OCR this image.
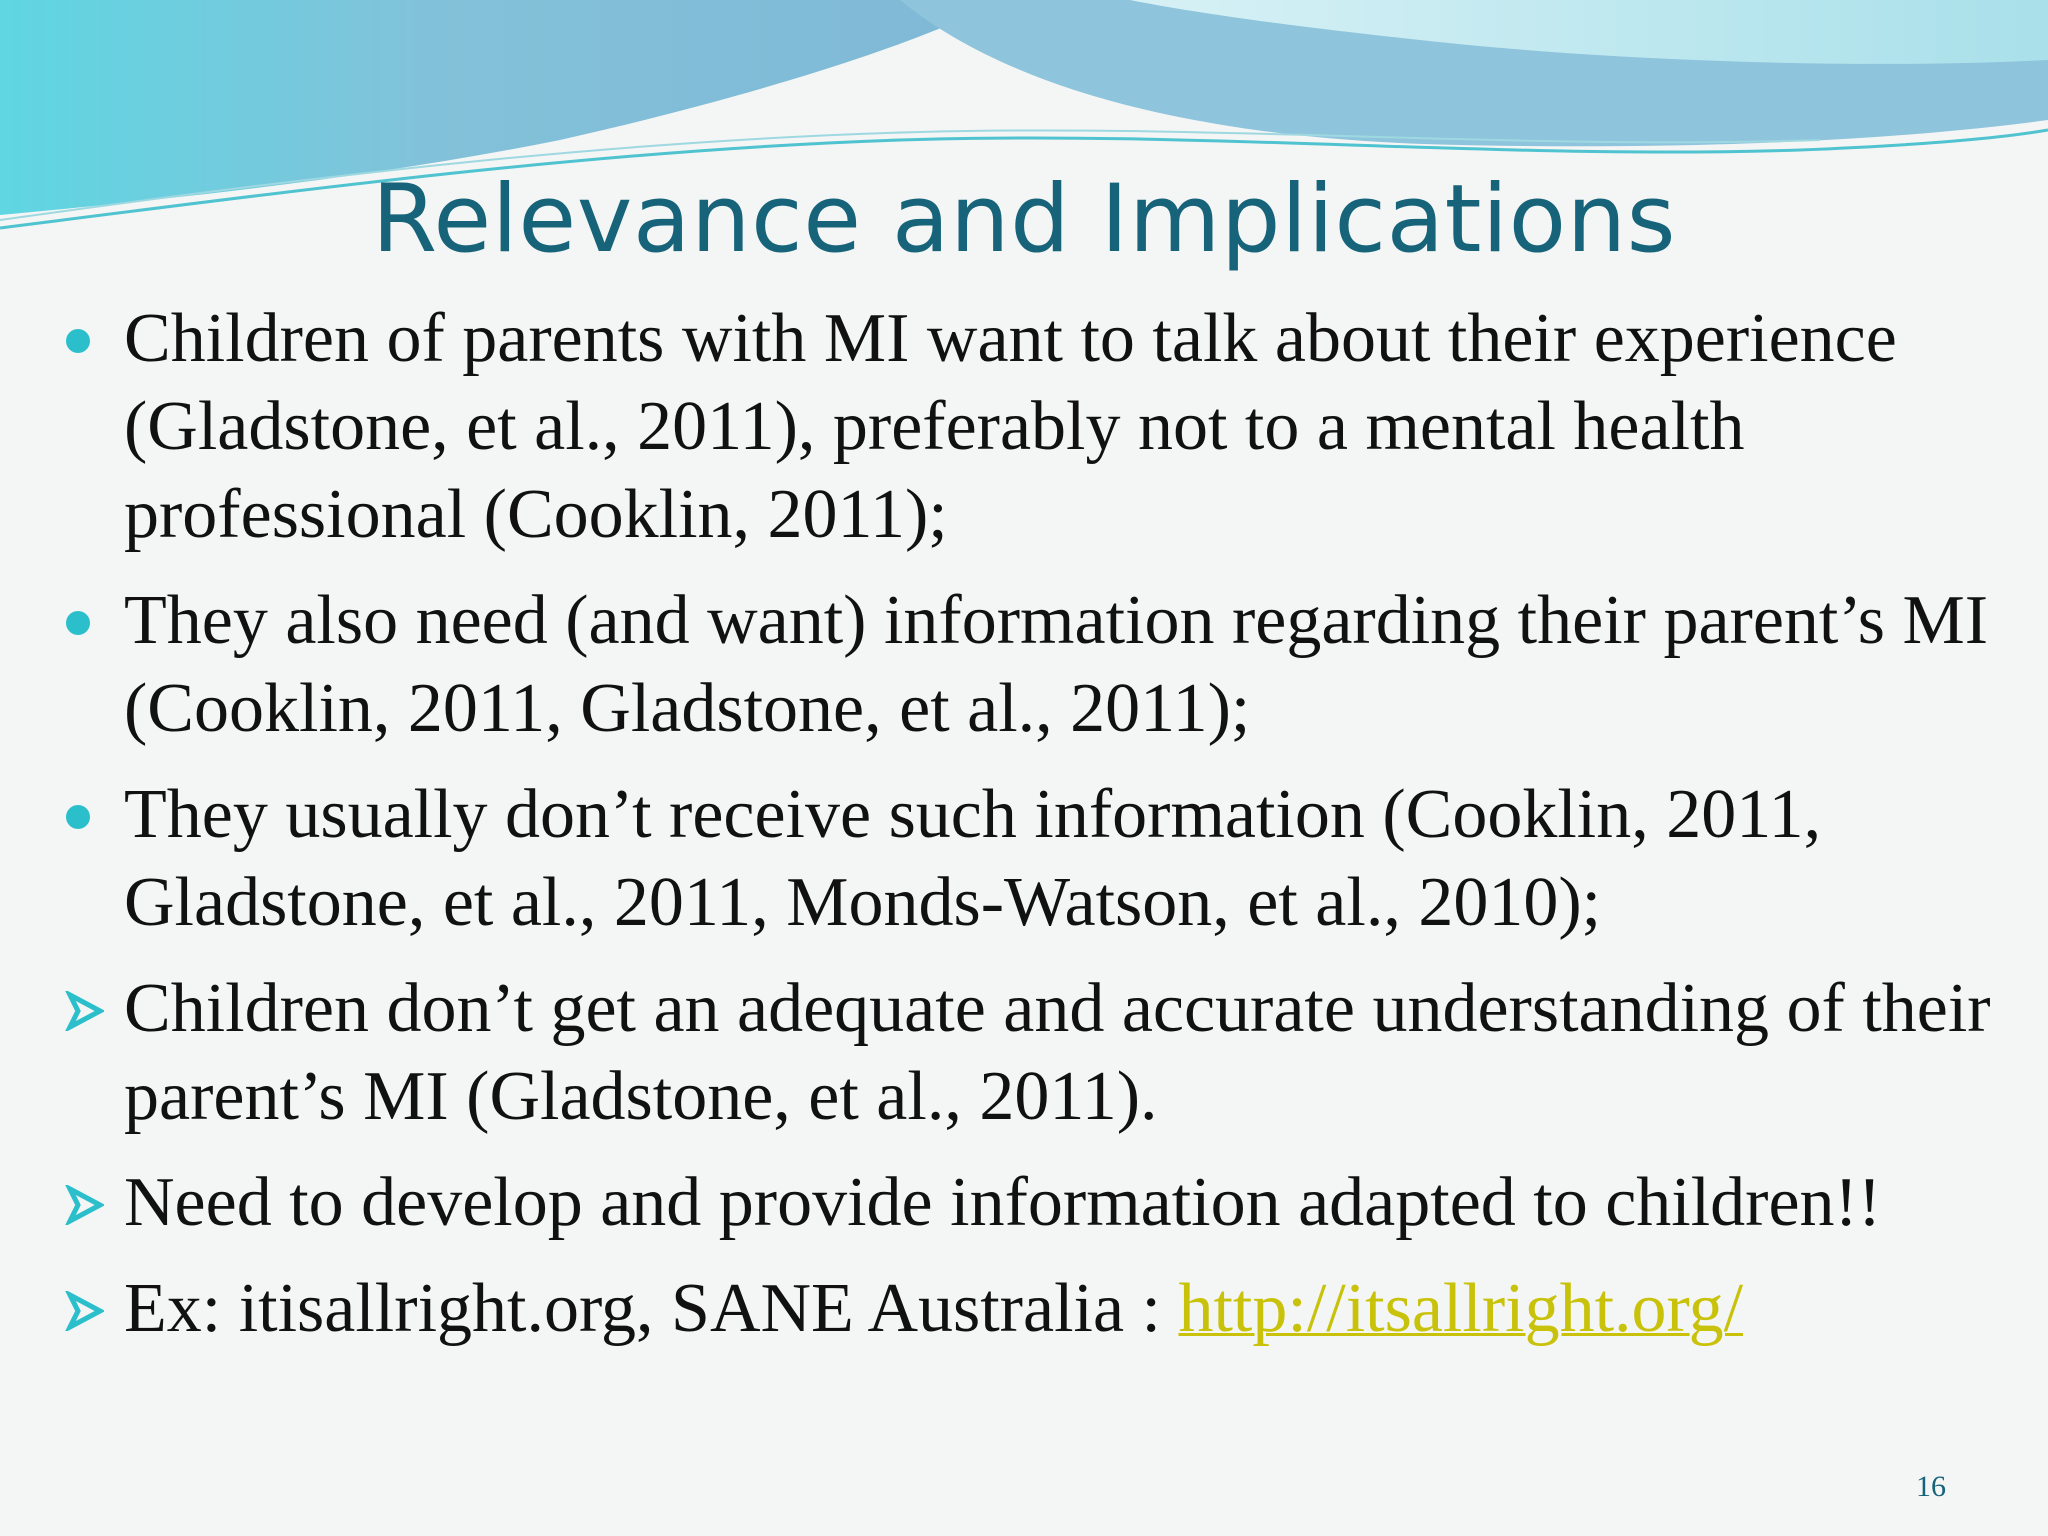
Relevance and Implications
Children of parents with MI want to talk about their experience (Gladstone, et al., 2011), preferably not to a mental health professional (Cooklin, 2011);
They also need (and want) information regarding their parent’s MI (Cooklin, 2011, Gladstone, et al., 2011);
They usually don’t receive such information (Cooklin, 2011, Gladstone, et al., 2011, Monds-Watson, et al., 2010);
Children don’t get an adequate and accurate understanding of their parent’s MI (Gladstone, et al., 2011).
Need to develop and provide information adapted to children!!
Ex: itisallright.org, SANE Australia : http://itsallright.org/
16
